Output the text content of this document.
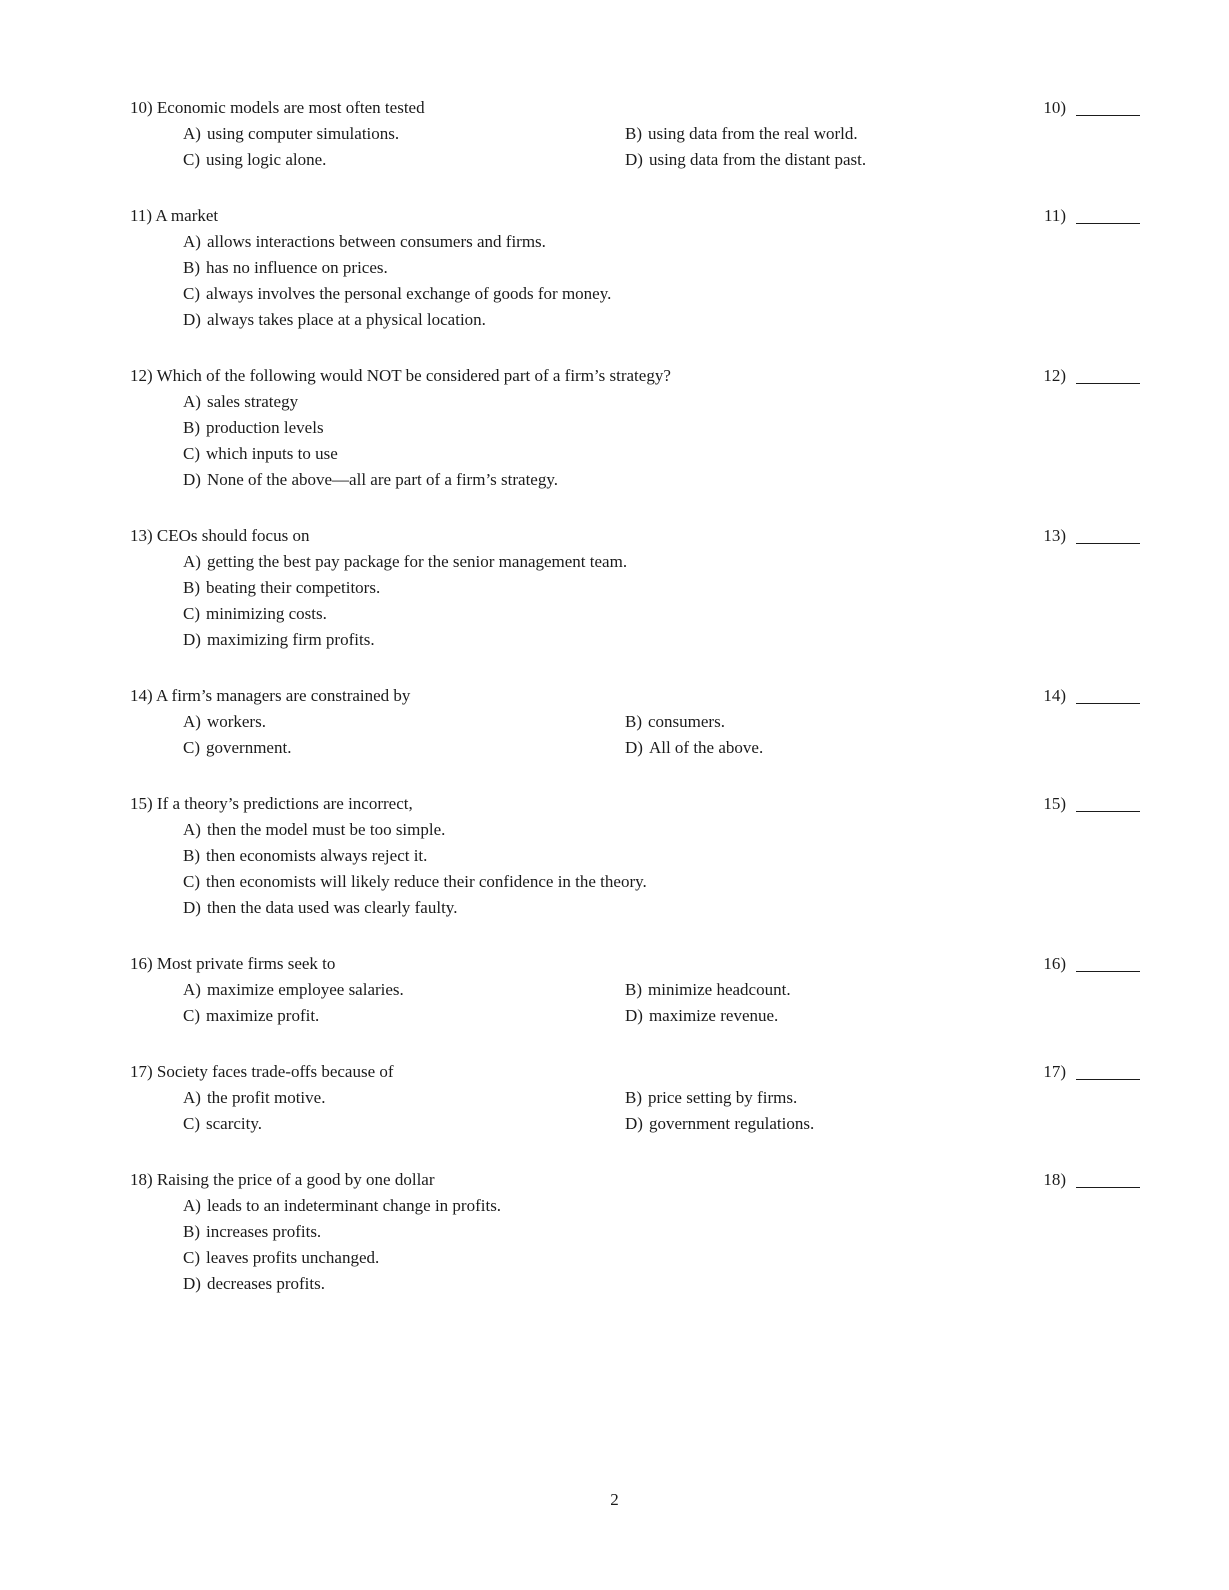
10) Economic models are most often tested	10)
A) using computer simulations.	B) using data from the real world.
C) using logic alone.	D) using data from the distant past.
11) A market	11)
A) allows interactions between consumers and firms.
B) has no influence on prices.
C) always involves the personal exchange of goods for money.
D) always takes place at a physical location.
12) Which of the following would NOT be considered part of a firm’s strategy?	12)
A) sales strategy
B) production levels
C) which inputs to use
D) None of the above—all are part of a firm’s strategy.
13) CEOs should focus on	13)
A) getting the best pay package for the senior management team.
B) beating their competitors.
C) minimizing costs.
D) maximizing firm profits.
14) A firm’s managers are constrained by	14)
A) workers.	B) consumers.
C) government.	D) All of the above.
15) If a theory’s predictions are incorrect,	15)
A) then the model must be too simple.
B) then economists always reject it.
C) then economists will likely reduce their confidence in the theory.
D) then the data used was clearly faulty.
16) Most private firms seek to	16)
A) maximize employee salaries.	B) minimize headcount.
C) maximize profit.	D) maximize revenue.
17) Society faces trade-offs because of	17)
A) the profit motive.	B) price setting by firms.
C) scarcity.	D) government regulations.
18) Raising the price of a good by one dollar	18)
A) leads to an indeterminant change in profits.
B) increases profits.
C) leaves profits unchanged.
D) decreases profits.
2
